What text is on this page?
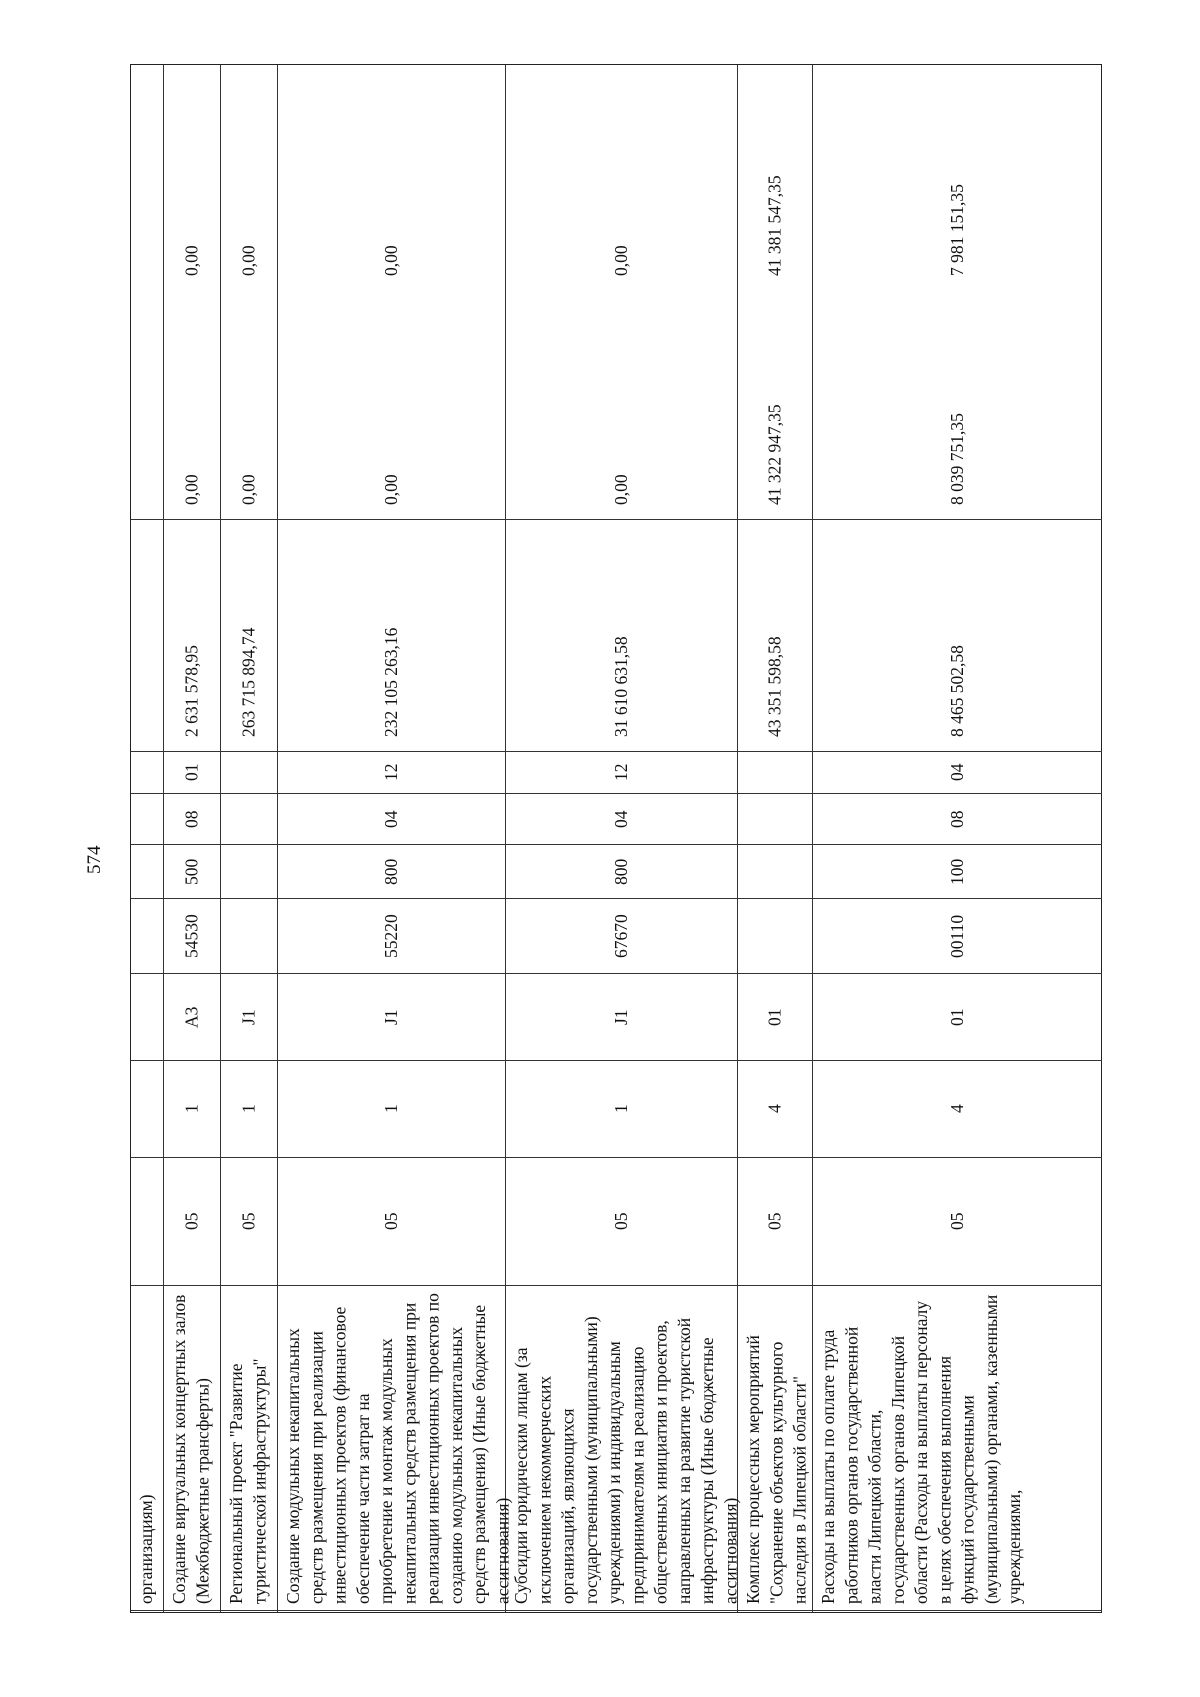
574
организациям) Создание виртуальных концертных залов (Межбюджетные трансферты)
05
1
А3
54530
500
08
01
2 631 578,95
0,00
0,00
Региональный проект "Развитие туристической инфраструктуры"
05
1
J1
263 715 894,74
0,00
0,00
Создание модульных некапитальных средств размещения при реализации инвестиционных проектов (финансовое обеспечение части затрат на приобретение и монтаж модульных некапитальных средств размещения при реализации инвестиционных проектов по созданию модульных некапитальных средств размещения) (Иные бюджетные ассигнования)
05
1
J1
55220
800
04
12
232 105 263,16
0,00
0,00
Субсидии юридическим лицам (за исключением некоммерческих организаций, являющихся государственными (муниципальными) учреждениями) и индивидуальным предпринимателям на реализацию общественных инициатив и проектов, направленных на развитие туристской инфраструктуры (Иные бюджетные ассигнования)
05
1
J1
67670
800
04
12
31 610 631,58
0,00
0,00
Комплекс процессных мероприятий "Сохранение объектов культурного наследия в Липецкой области"
05
4
01
43 351 598,58
41 322 947,35
41 381 547,35
Расходы на выплаты по оплате труда работников органов государственной власти Липецкой области, государственных органов Липецкой области (Расходы на выплаты персоналу в целях обеспечения выполнения функций государственными (муниципальными) органами, казенными учреждениями,
05
4
01
00110
100
08
04
8 465 502,58
8 039 751,35
7 981 151,35
